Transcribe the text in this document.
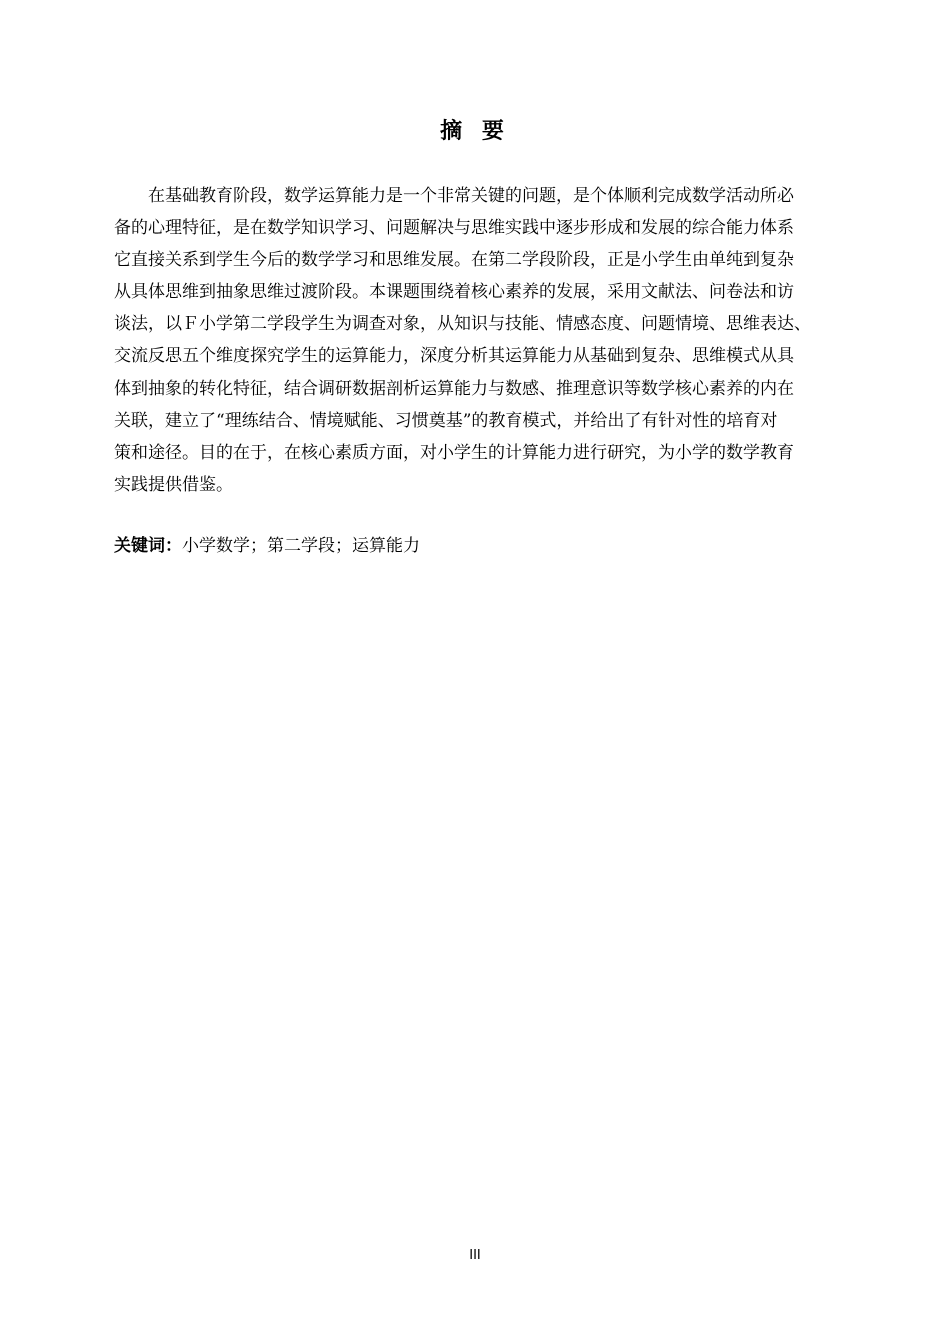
摘 要

在基础教育阶段，数学运算能力是一个非常关键的问题，是个体顺利完成数学活动所必
备的心理特征，是在数学知识学习、问题解决与思维实践中逐步形成和发展的综合能力体系
它直接关系到学生今后的数学学习和思维发展。在第二学段阶段，正是小学生由单纯到复杂
从具体思维到抽象思维过渡阶段。本课题围绕着核心素养的发展，采用文献法、问卷法和访
谈法，以Ｆ小学第二学段学生为调查对象，从知识与技能、情感态度、问题情境、思维表达、
交流反思五个维度探究学生的运算能力，深度分析其运算能力从基础到复杂、思维模式从具
体到抽象的转化特征，结合调研数据剖析运算能力与数感、推理意识等数学核心素养的内在
关联，建立了“理练结合、情境赋能、习惯奠基”的教育模式，并给出了有针对性的培育对
策和途径。目的在于，在核心素质方面，对小学生的计算能力进行研究，为小学的数学教育
实践提供借鉴。

关键词：小学数学；第二学段；运算能力
III
